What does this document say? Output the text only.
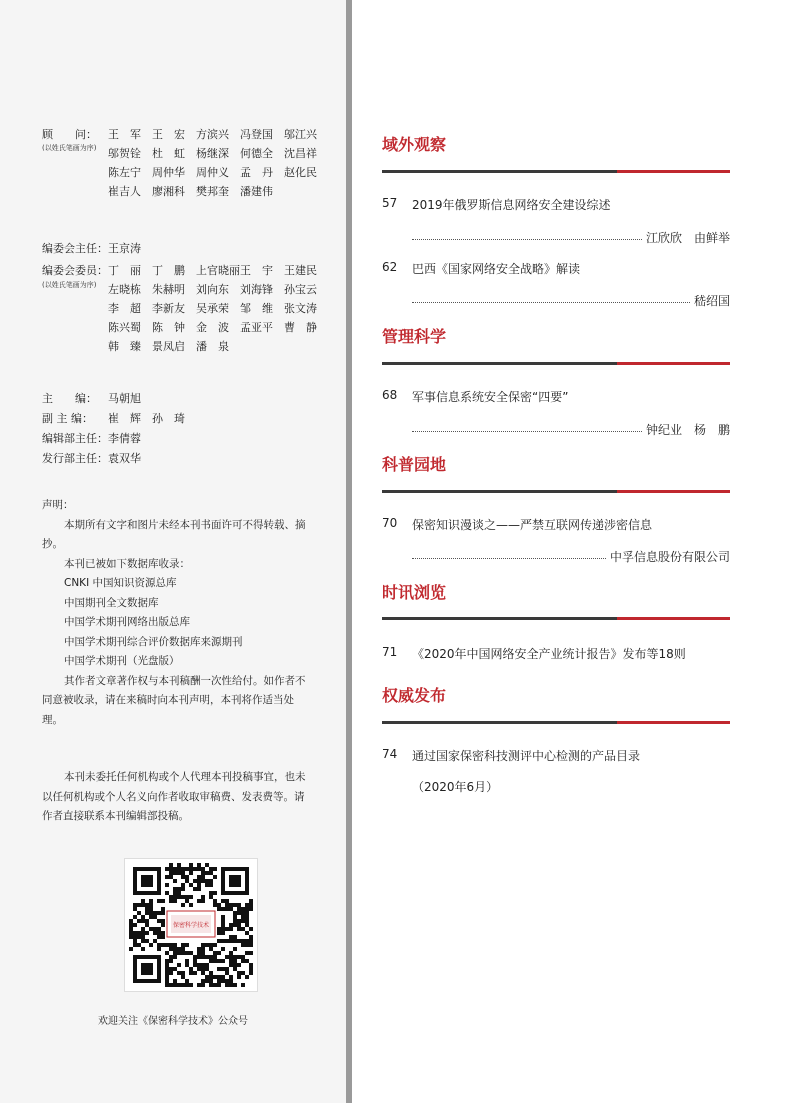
顾　　问：
(以姓氏笔画为序)
王　军 王　宏 方滨兴 冯登国 邬江兴
邬贺铨 杜　虹 杨继深 何德全 沈昌祥
陈左宁 周仲华 周仲义 孟　丹 赵化民
崔吉人 廖湘科 樊邦奎 潘建伟
编委会主任： 王京涛
编委会委员：
(以姓氏笔画为序)
丁　丽 丁　鹏 上官晓丽 王　宇 王建民
左晓栋 朱赫明 刘向东 刘海锋 孙宝云
李　超 李新友 吴承荣 邹　维 张文涛
陈兴蜀 陈　钟 金　波 孟亚平 曹　静
韩　臻 景凤启 潘　泉
主　　编： 马朝旭
副 主 编： 崔　辉　孙　琦
编辑部主任： 李倩蓉
发行部主任： 袁双华

声明：

本期所有文字和图片未经本刊书面许可不得转载、摘抄。

本刊已被如下数据库收录：

CNKI 中国知识资源总库

中国期刊全文数据库

中国学术期刊网络出版总库

中国学术期刊综合评价数据库来源期刊

中国学术期刊（光盘版）

其作者文章著作权与本刊稿酬一次性给付。如作者不同意被收录，请在来稿时向本刊声明，本刊将作适当处理。

本刊未委托任何机构或个人代理本刊投稿事宜，也未以任何机构或个人名义向作者收取审稿费、发表费等。请作者直接联系本刊编辑部投稿。

保密科学技术
欢迎关注《保密科学技术》公众号
域外观察
57 2019年俄罗斯信息网络安全建设综述
江欣欣　由鲜举
62 巴西《国家网络安全战略》解读
嵇绍国
管理科学
68 军事信息系统安全保密“四要”
钟纪业　杨　鹏
科普园地
70 保密知识漫谈之——严禁互联网传递涉密信息
中孚信息股份有限公司
时讯浏览
71 《2020年中国网络安全产业统计报告》发布等18则
权威发布
74 通过国家保密科技测评中心检测的产品目录
（2020年6月）
